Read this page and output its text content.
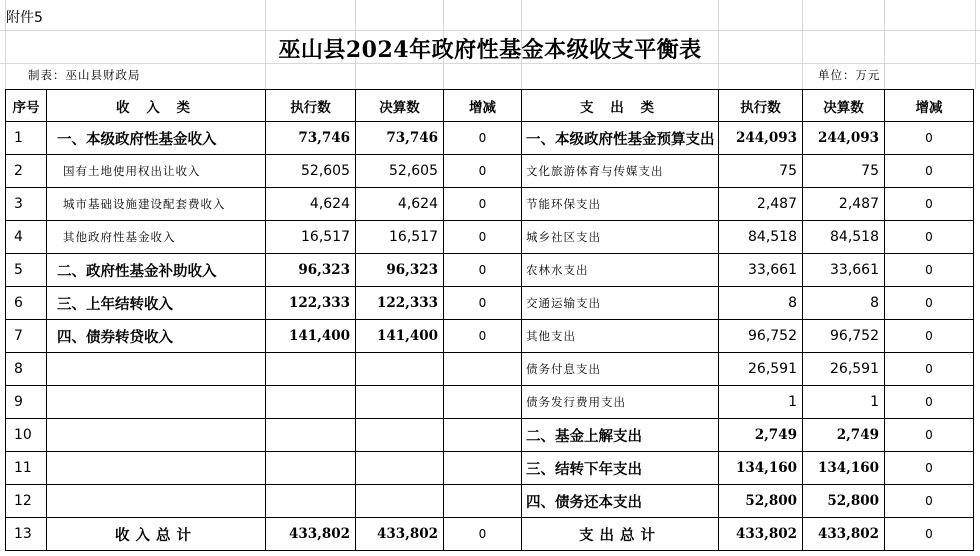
附件5
巫山县2024年政府性基金本级收支平衡表
制表：巫山县财政局	单位：万元
序号	收 入 类	执行数	决算数	增减	支 出 类	执行数	决算数	增减
1	一、本级政府性基金收入	73,746	73,746	0	一、本级政府性基金预算支出	244,093	244,093	0
2	国有土地使用权出让收入	52,605	52,605	0	文化旅游体育与传媒支出	75	75	0
3	城市基础设施建设配套费收入	4,624	4,624	0	节能环保支出	2,487	2,487	0
4	其他政府性基金收入	16,517	16,517	0	城乡社区支出	84,518	84,518	0
5	二、政府性基金补助收入	96,323	96,323	0	农林水支出	33,661	33,661	0
6	三、上年结转收入	122,333	122,333	0	交通运输支出	8	8	0
7	四、债券转贷收入	141,400	141,400	0	其他支出	96,752	96,752	0
8					债务付息支出	26,591	26,591	0
9					债务发行费用支出	1	1	0
10					二、基金上解支出	2,749	2,749	0
11					三、结转下年支出	134,160	134,160	0
12					四、债务还本支出	52,800	52,800	0
13	收入总计	433,802	433,802	0	支出总计	433,802	433,802	0
